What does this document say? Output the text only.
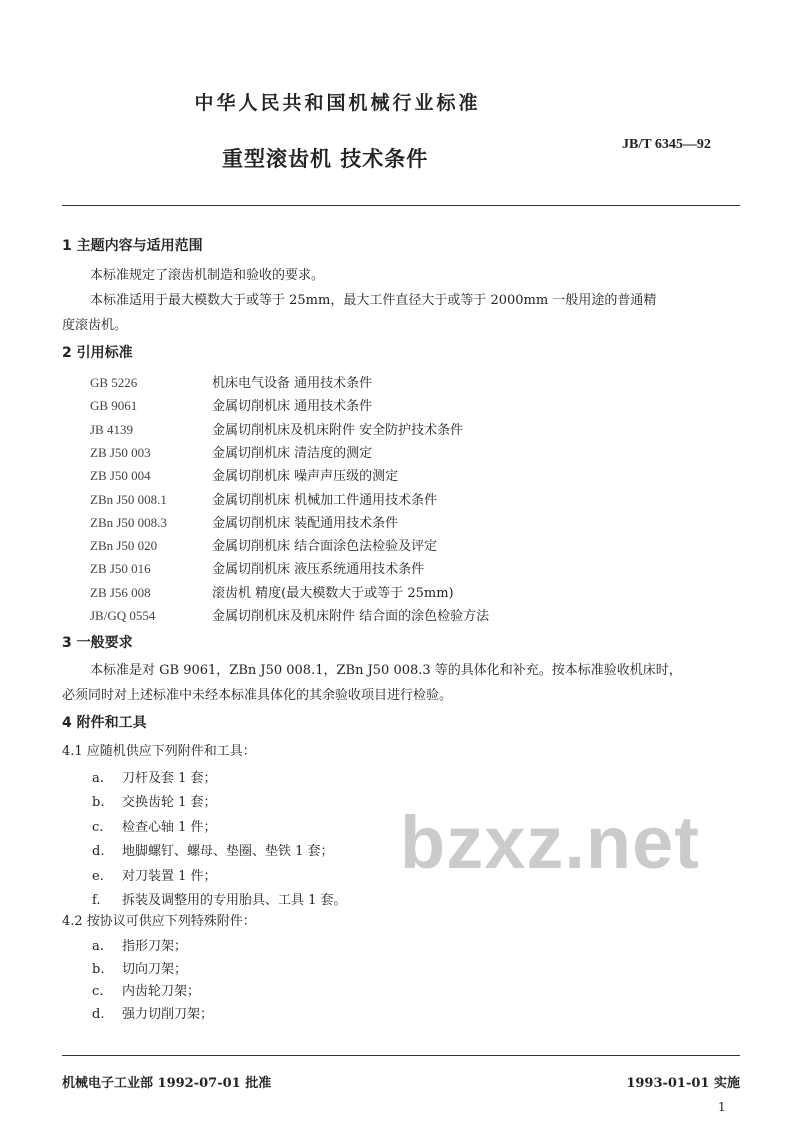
中华人民共和国机械行业标准
重型滚齿机 技术条件
JB/T 6345—92
1 主题内容与适用范围
本标准规定了滚齿机制造和验收的要求。
本标准适用于最大模数大于或等于 25mm，最大工件直径大于或等于 2000mm 一般用途的普通精
度滚齿机。
2 引用标准
GB 5226	机床电气设备 通用技术条件
GB 9061	金属切削机床 通用技术条件
JB 4139	金属切削机床及机床附件 安全防护技术条件
ZB J50 003	金属切削机床 清洁度的测定
ZB J50 004	金属切削机床 噪声声压级的测定
ZBn J50 008.1	金属切削机床 机械加工件通用技术条件
ZBn J50 008.3	金属切削机床 装配通用技术条件
ZBn J50 020	金属切削机床 结合面涂色法检验及评定
ZB J50 016	金属切削机床 液压系统通用技术条件
ZB J56 008	滚齿机 精度(最大模数大于或等于 25mm)
JB/GQ 0554	金属切削机床及机床附件 结合面的涂色检验方法
3 一般要求
本标准是对 GB 9061，ZBn J50 008.1，ZBn J50 008.3 等的具体化和补充。按本标准验收机床时，
必须同时对上述标准中未经本标准具体化的其余验收项目进行检验。
4 附件和工具
4.1 应随机供应下列附件和工具：
a. 刀杆及套 1 套；
b. 交换齿轮 1 套；
c. 检查心轴 1 件；
d. 地脚螺钉、螺母、垫圈、垫铁 1 套；
e. 对刀装置 1 件；
f. 拆装及调整用的专用胎具、工具 1 套。
4.2 按协议可供应下列特殊附件：
a. 指形刀架；
b. 切向刀架；
c. 内齿轮刀架；
d. 强力切削刀架；
bzxz.net
机械电子工业部 1992-07-01 批准	1993-01-01 实施
1
